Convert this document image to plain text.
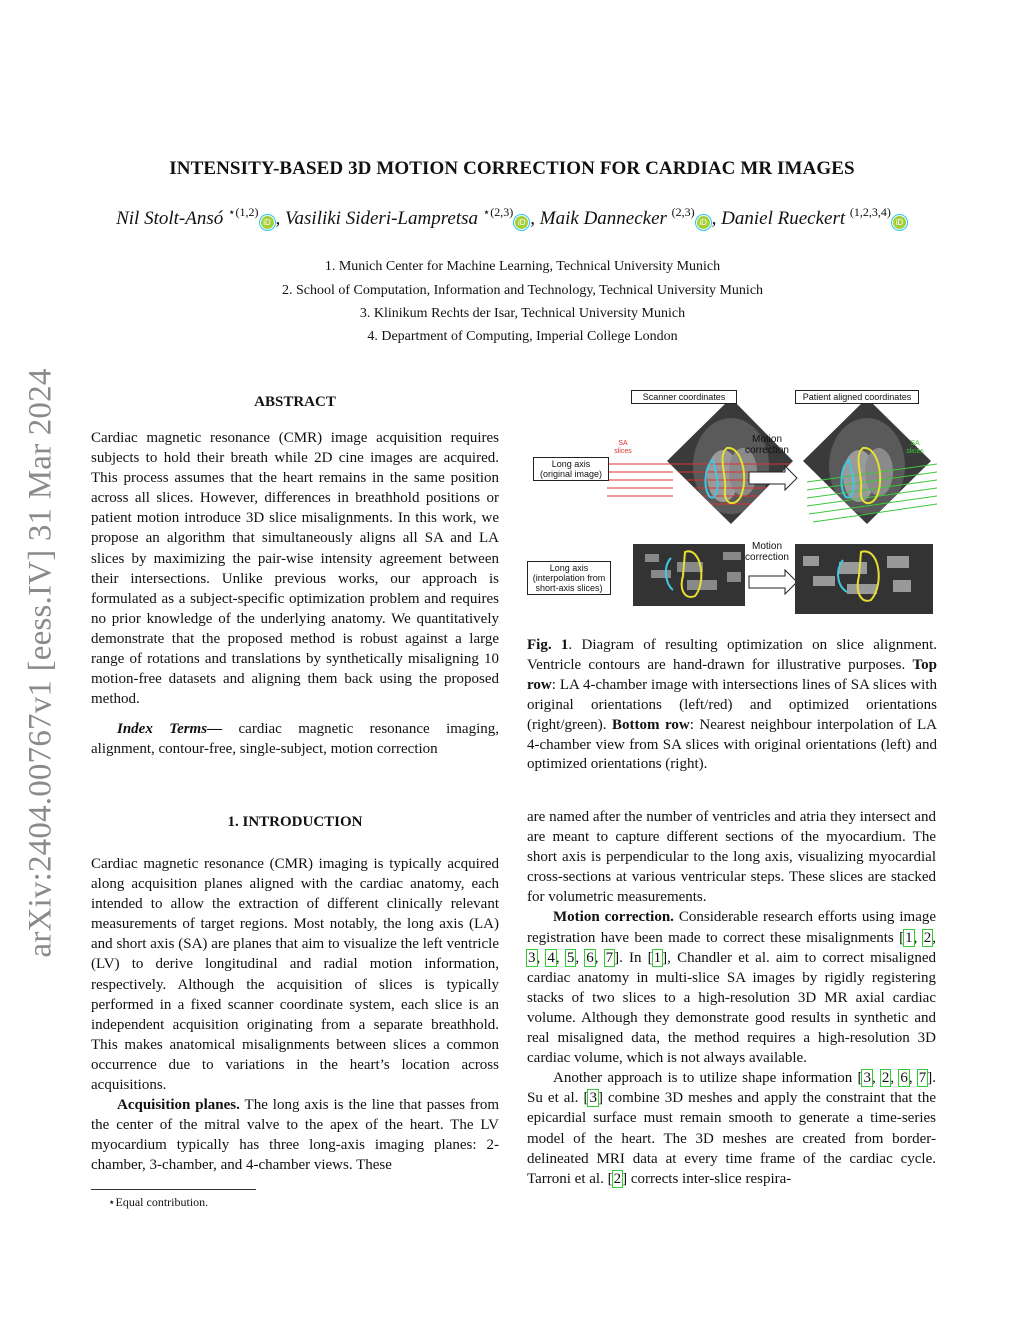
arXiv:2404.00767v1 [eess.IV] 31 Mar 2024
INTENSITY-BASED 3D MOTION CORRECTION FOR CARDIAC MR IMAGES
Nil Stolt-Ansó $^{⋆(1,2)}$iD , Vasiliki Sideri-Lampretsa $^{⋆(2,3)}$iD , Maik Dannecker $^{(2,3)}$iD , Daniel Rueckert $^{(1,2,3,4)}$iD
1. Munich Center for Machine Learning, Technical University Munich
2. School of Computation, Information and Technology, Technical University Munich
3. Klinikum Rechts der Isar, Technical University Munich
4. Department of Computing, Imperial College London
ABSTRACT

Cardiac magnetic resonance (CMR) image acquisition requires subjects to hold their breath while 2D cine images are acquired. This process assumes that the heart remains in the same position across all slices. However, differences in breathhold positions or patient motion introduce 3D slice misalignments. In this work, we propose an algorithm that simultaneously aligns all SA and LA slices by maximizing the pair-wise intensity agreement between their intersections. Unlike previous works, our approach is formulated as a subject-specific optimization problem and requires no prior knowledge of the underlying anatomy. We quantitatively demonstrate that the proposed method is robust against a large range of rotations and translations by synthetically misaligning 10 motion-free datasets and aligning them back using the proposed method.

Index Terms— cardiac magnetic resonance imaging, alignment, contour-free, single-subject, motion correction

1. INTRODUCTION

Cardiac magnetic resonance (CMR) imaging is typically acquired along acquisition planes aligned with the cardiac anatomy, each intended to allow the extraction of different clinically relevant measurements of target regions. Most notably, the long axis (LA) and short axis (SA) are planes that aim to visualize the left ventricle (LV) to derive longitudinal and radial motion information, respectively. Although the acquisition of slices is typically performed in a fixed scanner coordinate system, each slice is an independent acquisition originating from a separate breathhold. This makes anatomical misalignments between slices a common occurrence due to variations in the heart’s location across acquisitions.

Acquisition planes. The long axis is the line that passes from the center of the mitral valve to the apex of the heart. The LV myocardium typically has three long-axis imaging planes: 2-chamber, 3-chamber, and 4-chamber views. These

Scanner coordinates	Patient aligned coordinates
Motion correction
Motion correction
Long axis (original image)
Long axis (interpolation from short-axis slices)
SA slices
SA slices
Fig. 1. Diagram of resulting optimization on slice alignment. Ventricle contours are hand-drawn for illustrative purposes. Top row: LA 4-chamber image with intersections lines of SA slices with original orientations (left/red) and optimized orientations (right/green). Bottom row: Nearest neighbour interpolation of LA 4-chamber view from SA slices with original orientations (left) and optimized orientations (right).

are named after the number of ventricles and atria they intersect and are meant to capture different sections of the myocardium. The short axis is perpendicular to the long axis, visualizing myocardial cross-sections at various ventricular steps. These slices are stacked for volumetric measurements.

Motion correction. Considerable research efforts using image registration have been made to correct these misalignments [1, 2, 3, 4, 5, 6, 7]. In [1], Chandler et al. aim to correct misaligned cardiac anatomy in multi-slice SA images by rigidly registering stacks of two slices to a high-resolution 3D MR axial cardiac volume. Although they demonstrate good results in synthetic and real misaligned data, the method requires a high-resolution 3D cardiac volume, which is not always available.

Another approach is to utilize shape information [3, 2, 6, 7]. Su et al. [3] combine 3D meshes and apply the constraint that the epicardial surface must remain smooth to generate a time-series model of the heart. The 3D meshes are created from border-delineated MRI data at every time frame of the cardiac cycle. Tarroni et al. [2] corrects inter-slice respira-

⋆Equal contribution.
